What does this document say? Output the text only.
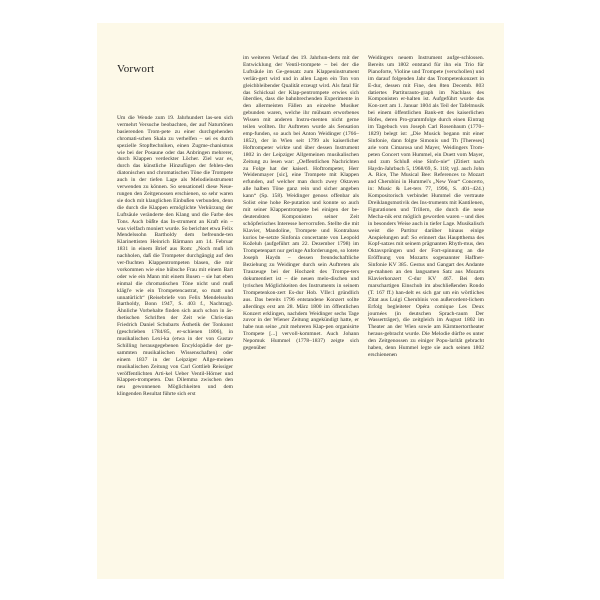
Vorwort

Um die Wende zum 19. Jahrhundert las-sen sich vermehrt Versuche beobachten, der auf Naturtönen basierenden Trom-pete zu einer durchgehenden chromati-schen Skala zu verhelfen – sei es durch spezielle Stopftechniken, einen Zugme-chanismus wie bei der Posaune oder das Anbringen mehrerer, durch Klappen verdeckter Löcher. Ziel war es, durch das künstliche Hinzufügen der fehlen-den diatonischen und chromatischen Töne die Trompete auch in der tiefen Lage als Melodieinstrument verwenden zu können. So sensationell diese Neue-rungen den Zeitgenossen erschienen, so sehr waren sie doch mit klanglichen Einbußen verbunden, denn die durch die Klappen ermöglichte Verkürzung der Luftsäule veränderte den Klang und die Farbe des Tons. Auch büßte das In-strument an Kraft ein – was vielfach moniert wurde. So berichtet etwa Felix Mendelssohn Bartholdy dem befreunde-ten Klarinettisten Heinrich Bärmann am 14. Februar 1831 in einem Brief aus Rom: „Noch muß ich nachholen, daß die Trompeter durchgängig auf den ver-fluchten Klappentrompeten blasen, die mir vorkommen wie eine hübsche Frau mit einem Bart oder wie ein Mann mit einem Busen – sie hat eben einmal die chromatischen Töne nicht und muß klägl'e wie ein Trompetencastrat, so matt und unnatürlich“ (Reisebriefe von Felix Mendelssohn Bartholdy, Bonn 1947, S. 403 f., Nachtrag). Ähnliche Vorbehalte finden sich auch schon in äs-thetischen Schriften der Zeit wie Chris-tian Friedrich Daniel Schubarts Ästhetik der Tonkunst (geschrieben 1784/85, er-schienen 1806), in musikalischen Lexi-ka (etwa in der von Gustav Schilling herausgegebenen Encyklopädie der ge-sammten musikalischen Wissenschaften) oder einem 1837 in der Leipziger Allge-meinen musikalischen Zeitung von Carl Gottlieb Reissiger veröffentlichten Arti-kel Ueber Ventil-Hörner und Klappen-trompeten. Das Dilemma zwischen den neu gewonnenen Möglichkeiten und dem klingenden Resultat führte sich erst

im weiteren Verlauf des 19. Jahrhun-derts mit der Entwicklung der Ventil-trompete – bei der die Luftsäule im Ge-gensatz zum Klappeninstrument verlän-gert wird und in allen Lagen ein Ton von gleichbleibender Qualität erzeugt wird. Als fatal für das Schicksal der Klap-pentrompete erwies sich überdies, dass die bahnbrechenden Experimente in den allermeisten Fällen an einzelne Musiker gebunden waren, welche ihr mühsam erworbenes Wissen mit anderen Instru-menten nicht gerne teilen wollten. Ihr Auftreten wurde als Sensation emp-funden, so auch bei Anton Weidinger (1766–1852), der in Wien seit 1799 als kaiserlicher Hoftrompeter wirkte und über dessen Instrument 1802 in der Leipziger Allgemeinen musikalischen Zeitung zu lesen war: „Oeffentlichen Nachrichten zu Folge hat der kaiserl. Hoftrompeter, Herr Weidenmayer [sic], eine Trompete mit Klappen erfunden, auf welcher man durch zwey Oktaven alle halben Töne ganz rein und sicher angeben kann“ (Sp. 158). Weidinger genoss offenbar als Solist eine hohe Re-putation und konnte so auch mit seiner Klappentrompete bei einigen der be-deutendsten Komponisten seiner Zeit schöpferisches Interesse hervorrufen. Stellte die mit Klavier, Mandoline, Trompete und Kontrabass kurios be-setzte Sinfonia concertante von Leopold Koželuh (aufgeführt am 22. Dezember 1798) im Trompetenpart nur geringe Anforderungen, so lotete Joseph Haydn – dessen freundschaftliche Beziehung zu Weidinger durch sein Auftreten als Trauzeuge bei der Hochzeit des Trompe-ters dokumentiert ist – die neuen melo-dischen und lyrischen Möglichkeiten des Instruments in seinem Trompetenkon-zert Es-dur Hob. VIIe:1 gründlich aus. Das bereits 1796 entstandene Konzert sollte allerdings erst am 28. März 1800 im öffentlichen Konzert erklingen, nachdem Weidinger sechs Tage zuvor in der Wiener Zeitung angekündigt hatte, er habe nun seine „mit mehreren Klap-pen organisirte Trompete [...] vervoll-kommnet. Auch Johann Nepomuk Hummel (1778–1837) zeigte sich gegenüber

Weidingers neuem Instrument aufge-schlossen. Bereits um 1802 entstand für ihn ein Trio für Pianoforte, Violine und Trompete (verschollen) und im darauf folgenden Jahr das Trompetenkonzert in E-dur, dessen mit Fine, den 8ten Decemb. 803 datiertes Partiturauto-graph im Nachlass des Komponisten er-halten ist. Aufgeführt wurde das Kon-zert am 1. Januar 1804 als Teil der Tafelmusik bei einem öffentlichen Bank-ett des kaiserlichen Hofes, deren Pro-grammfolge durch einen Eintrag im Tagebuch von Joseph Carl Rosenbaum (1770–1829) belegt ist: „Die Musick begann mit einer Sinfonie, dann folgte Simonis und Th [Thereses] arie vom Cimarosa und Mayer, Weidingers Trom-peten Concert vom Hummel, ein Duett vom Mayer, und zum Schluß eine Sinfo-nie“ (Zitiert nach Haydn-Jahrbuch 5, 1968/69, S. 118; vgl. auch John A. Rice, The Musical Bee: References to Mozart and Cherubini in Hummel's „New Year“ Concerto, in: Music & Let-ters 77, 1996, S. 401–424.) Kompositorisch verbindet Hummel die vertraute Dreiklangsmotivik des Ins-truments mit Kantilenen, Figurationen und Trillern, die durch die neue Mecha-nik erst möglich geworden waren – und dies in besonders Weise auch in tiefer Lage. Musikalisch weist die Partitur darüber hinaus einige Anspielungen auf: So erinnert das Hauptthema des Kopf-satzes mit seinem prägnanten Rhyth-mus, den Oktavsprüngen und der Fort-spinnung an die Eröffnung von Mozarts sogenannter Haffner-Sinfonie KV 385. Gestus und Gangart des Andante ge-mahnen an den langsamen Satz aus Mozarts Klavierkonzert C-dur KV 467. Bei dem marschartigen Einschub im abschließenden Rondo (T. 167 ff.) han-delt es sich gar um ein wörtliches Zitat aus Luigi Cherubinis von außerordent-lichem Erfolg begleiteter Opéra comique Les Deux journées (in deutschen Sprach-raum Der Wasserträger), die zeitgleich im August 1802 im Theater an der Wien sowie am Kärntnertortheater heraus-gebracht wurde. Die Melodie dürfte es unter den Zeitgenossen zu einiger Popu-larität gebracht haben, denn Hummel legte sie auch seinen 1802 erschienenen
